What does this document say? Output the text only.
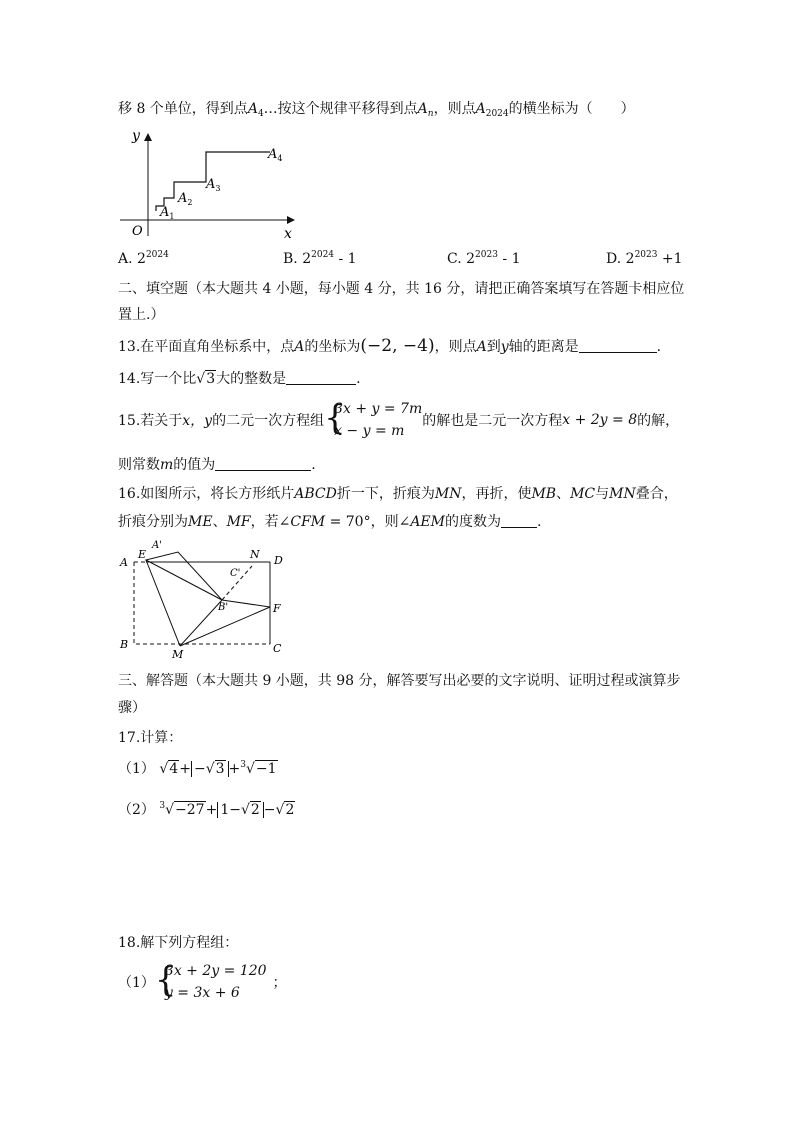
移 8 个单位，得到点$A_4\dots$按这个规律平移得到点$A_n$，则点$A_{2024}$的横坐标为（　　）
y
x
O
$A_1$
$A_2$
$A_3$
$A_4$
A. $2^{2024}$	B. $2^{2024} - 1$	C. $2^{2023} - 1$	D. $2^{2023} +1$
二、填空题（本大题共 4 小题，每小题 4 分，共 16 分，请把正确答案填写在答题卡相应位
置上.）
13.在平面直角坐标系中，点A的坐标为(−2, −4)，则点A到y轴的距离是	.
14.写一个比√3大的整数是	.
15.若关于x，y的二元一次方程组 {
3x + y = 7m
x − y = m
的解也是二元一次方程x + 2y = 8的解，
则常数m的值为	.
16.如图所示，将长方形纸片ABCD折一下，折痕为MN，再折，使MB、MC与MN叠合，
折痕分别为ME、MF，若∠CFM = 70°，则∠AEM的度数为	.
A
A'
E	N D
C'
B'	F
B
M	C
三、解答题（本大题共 9 小题，共 98 分，解答要写出必要的文字说明、证明过程或演算步
骤）
17.计算：
（1） √4+ −√3 +$^3$√−1
（2） $^3$√−27+ 1−√2 −√2
18.解下列方程组：
（1） {
3x + 2y = 120
y = 3x + 6
；
